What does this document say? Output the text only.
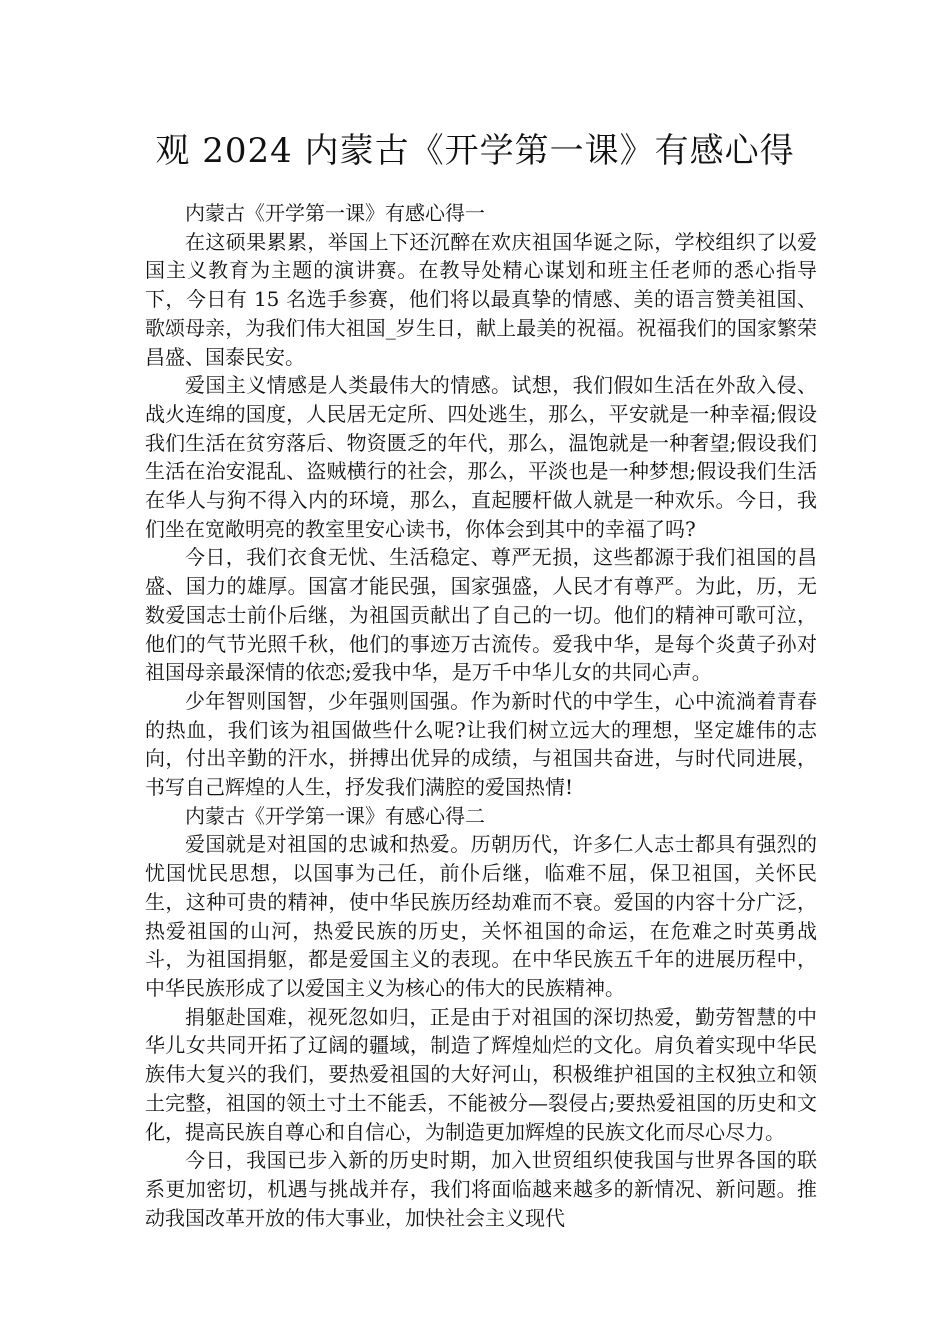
观 2024 内蒙古《开学第一课》有感心得

内蒙古《开学第一课》有感心得一

在这硕果累累，举国上下还沉醉在欢庆祖国华诞之际，学校组织了以爱国主义教育为主题的演讲赛。在教导处精心谋划和班主任老师的悉心指导下，今日有 15 名选手参赛，他们将以最真挚的情感、美的语言赞美祖国、歌颂母亲，为我们伟大祖国_岁生日，献上最美的祝福。祝福我们的国家繁荣昌盛、国泰民安。

爱国主义情感是人类最伟大的情感。试想，我们假如生活在外敌入侵、战火连绵的国度，人民居无定所、四处逃生，那么，平安就是一种幸福;假设我们生活在贫穷落后、物资匮乏的年代，那么，温饱就是一种奢望;假设我们生活在治安混乱、盗贼横行的社会，那么，平淡也是一种梦想;假设我们生活在华人与狗不得入内的环境，那么，直起腰杆做人就是一种欢乐。今日，我们坐在宽敞明亮的教室里安心读书，你体会到其中的幸福了吗?

今日，我们衣食无忧、生活稳定、尊严无损，这些都源于我们祖国的昌盛、国力的雄厚。国富才能民强，国家强盛，人民才有尊严。为此，历，无数爱国志士前仆后继，为祖国贡献出了自己的一切。他们的精神可歌可泣，他们的气节光照千秋，他们的事迹万古流传。爱我中华，是每个炎黄子孙对祖国母亲最深情的依恋;爱我中华，是万千中华儿女的共同心声。

少年智则国智，少年强则国强。作为新时代的中学生，心中流淌着青春的热血，我们该为祖国做些什么呢?让我们树立远大的理想，坚定雄伟的志向，付出辛勤的汗水，拼搏出优异的成绩，与祖国共奋进，与时代同进展，书写自己辉煌的人生，抒发我们满腔的爱国热情!

内蒙古《开学第一课》有感心得二

爱国就是对祖国的忠诚和热爱。历朝历代，许多仁人志士都具有强烈的忧国忧民思想，以国事为己任，前仆后继，临难不屈，保卫祖国，关怀民生，这种可贵的精神，使中华民族历经劫难而不衰。爱国的内容十分广泛，热爱祖国的山河，热爱民族的历史，关怀祖国的命运，在危难之时英勇战斗，为祖国捐躯，都是爱国主义的表现。在中华民族五千年的进展历程中，中华民族形成了以爱国主义为核心的伟大的民族精神。

捐躯赴国难，视死忽如归，正是由于对祖国的深切热爱，勤劳智慧的中华儿女共同开拓了辽阔的疆域，制造了辉煌灿烂的文化。肩负着实现中华民族伟大复兴的我们，要热爱祖国的大好河山，积极维护祖国的主权独立和领土完整，祖国的领土寸土不能丢，不能被分—裂侵占;要热爱祖国的历史和文化，提高民族自尊心和自信心，为制造更加辉煌的民族文化而尽心尽力。

今日，我国已步入新的历史时期，加入世贸组织使我国与世界各国的联系更加密切，机遇与挑战并存，我们将面临越来越多的新情况、新问题。推动我国改革开放的伟大事业，加快社会主义现代
